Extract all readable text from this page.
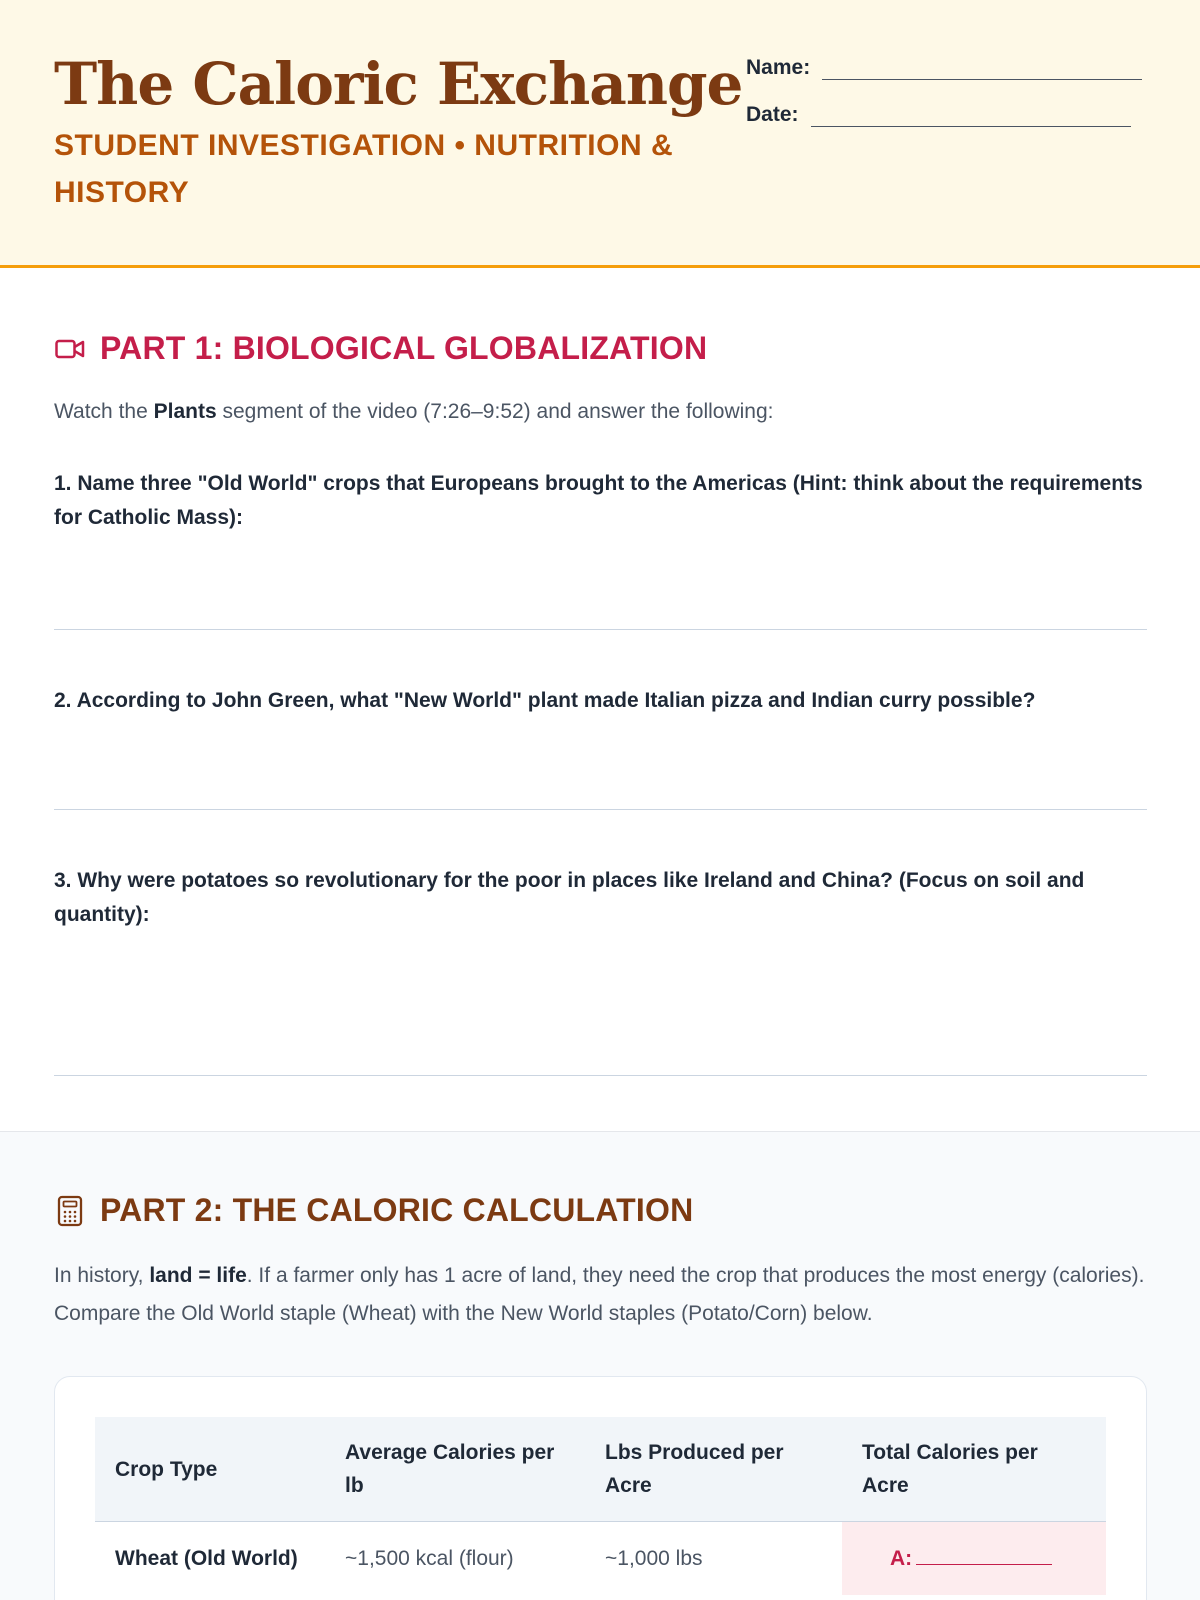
The Caloric Exchange
STUDENT INVESTIGATION • NUTRITION & HISTORY
Name:
Date:
PART 1: BIOLOGICAL GLOBALIZATION
Watch the Plants segment of the video (7:26–9:52) and answer the following:
1. Name three "Old World" crops that Europeans brought to the Americas (Hint: think about the requirements for Catholic Mass):
2. According to John Green, what "New World" plant made Italian pizza and Indian curry possible?
3. Why were potatoes so revolutionary for the poor in places like Ireland and China? (Focus on soil and quantity):
PART 2: THE CALORIC CALCULATION
In history, land = life. If a farmer only has 1 acre of land, they need the crop that produces the most energy (calories). Compare the Old World staple (Wheat) with the New World staples (Potato/Corn) below.
Crop Type	Average Calories per lb	Lbs Produced per Acre	Total Calories per Acre
Wheat (Old World)	~1,500 kcal (flour)	~1,000 lbs	A:
